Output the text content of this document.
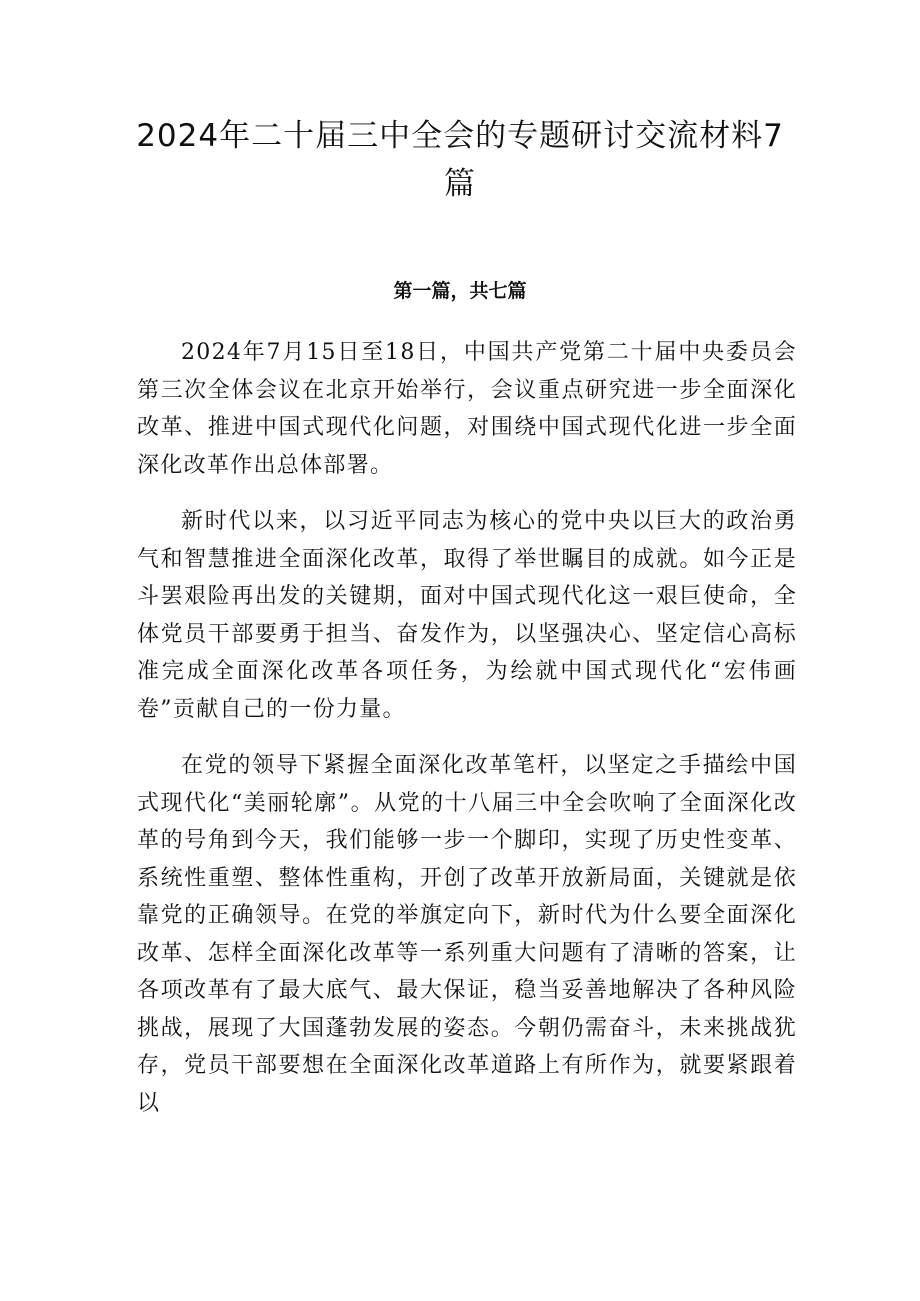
2024年二十届三中全会的专题研讨交流材料7篇
第一篇，共七篇

2024年7月15日至18日，中国共产党第二十届中央委员会第三次全体会议在北京开始举行，会议重点研究进一步全面深化改革、推进中国式现代化问题，对围绕中国式现代化进一步全面深化改革作出总体部署。

新时代以来，以习近平同志为核心的党中央以巨大的政治勇气和智慧推进全面深化改革，取得了举世瞩目的成就。如今正是斗罢艰险再出发的关键期，面对中国式现代化这一艰巨使命，全体党员干部要勇于担当、奋发作为，以坚强决心、坚定信心高标准完成全面深化改革各项任务，为绘就中国式现代化“宏伟画卷”贡献自己的一份力量。

在党的领导下紧握全面深化改革笔杆，以坚定之手描绘中国式现代化“美丽轮廓”。从党的十八届三中全会吹响了全面深化改革的号角到今天，我们能够一步一个脚印，实现了历史性变革、系统性重塑、整体性重构，开创了改革开放新局面，关键就是依靠党的正确领导。在党的举旗定向下，新时代为什么要全面深化改革、怎样全面深化改革等一系列重大问题有了清晰的答案，让各项改革有了最大底气、最大保证，稳当妥善地解决了各种风险挑战，展现了大国蓬勃发展的姿态。今朝仍需奋斗，未来挑战犹存，党员干部要想在全面深化改革道路上有所作为，就要紧跟着以
